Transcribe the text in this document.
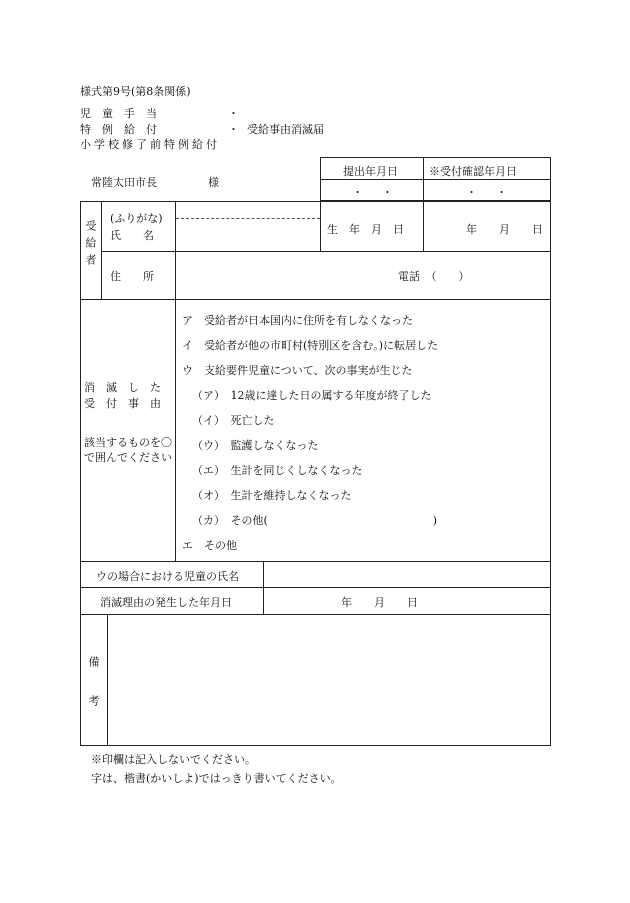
様式第9号(第8条関係)
児　童　手　当	・
特　例　給　付	・ 受給事由消滅届
小学校修了前特例給付
提出年月日	※受付確認年月日
・　・	・　・
常陸太田市長	様
受給者
(ふりがな)
氏　　名	生　年　月　日	年　　月　　日
住　　所	電話　（　　）
消　滅　し　た
受　付　事　由
該当するものを〇で囲んでください
ア　受給者が日本国内に住所を有しなくなった
イ　受給者が他の市町村(特別区を含む。)に転居した
ウ　支給要件児童について、次の事実が生じた
（ア）　12歳に達した日の属する年度が終了した
（イ）　死亡した
（ウ）　監護しなくなった
（エ）　生計を同じくしなくなった
（オ）　生計を維持しなくなった
（カ）　その他(　　　　　　　　　　　　　　　)
エ　その他
ウの場合における児童の氏名
消滅理由の発生した年月日	年　　月　　日
備考
※印欄は記入しないでください。
字は、楷書(かいしよ)ではっきり書いてください。
